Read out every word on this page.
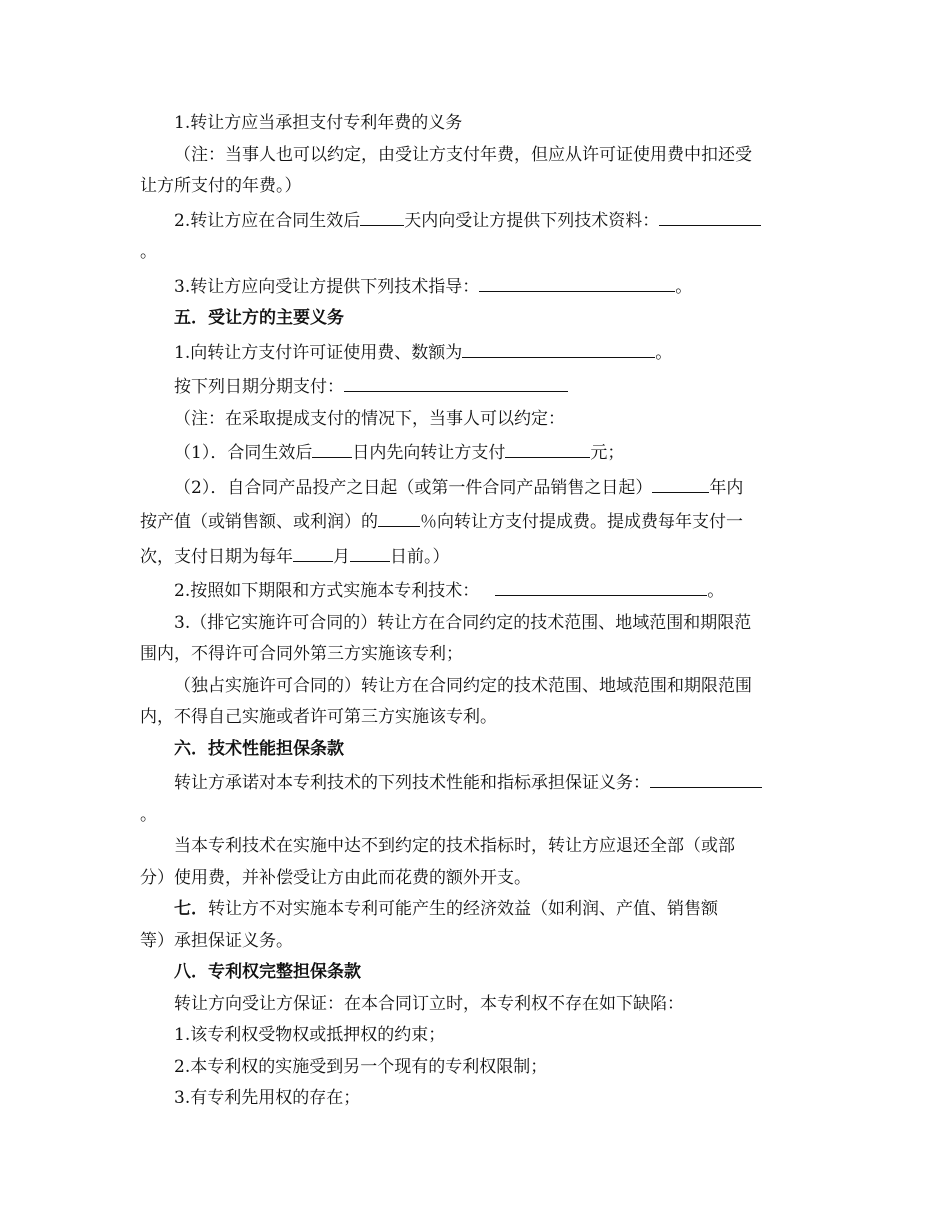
1.转让方应当承担支付专利年费的义务
（注：当事人也可以约定，由受让方支付年费，但应从许可证使用费中扣还受
让方所支付的年费。）
2.转让方应在合同生效后	天内向受让方提供下列技术资料：
。
3.转让方应向受让方提供下列技术指导：	。
五．受让方的主要义务
1.向转让方支付许可证使用费、数额为	。
按下列日期分期支付：
（注：在采取提成支付的情况下，当事人可以约定：
（1）．合同生效后 日内先向转让方支付	元；
（2）．自合同产品投产之日起（或第一件合同产品销售之日起）	年内
按产值（或销售额、或利润）的 ％向转让方支付提成费。提成费每年支付一
次，支付日期为每年 月 日前。）
2.按照如下期限和方式实施本专利技术：	。
3.（排它实施许可合同的）转让方在合同约定的技术范围、地域范围和期限范
围内，不得许可合同外第三方实施该专利；
（独占实施许可合同的）转让方在合同约定的技术范围、地域范围和期限范围
内，不得自己实施或者许可第三方实施该专利。
六．技术性能担保条款
转让方承诺对本专利技术的下列技术性能和指标承担保证义务：
。
当本专利技术在实施中达不到约定的技术指标时，转让方应退还全部（或部
分）使用费，并补偿受让方由此而花费的额外开支。
七．转让方不对实施本专利可能产生的经济效益（如利润、产值、销售额
等）承担保证义务。
八．专利权完整担保条款
转让方向受让方保证：在本合同订立时，本专利权不存在如下缺陷：
1.该专利权受物权或抵押权的约束；
2.本专利权的实施受到另一个现有的专利权限制；
3.有专利先用权的存在；
